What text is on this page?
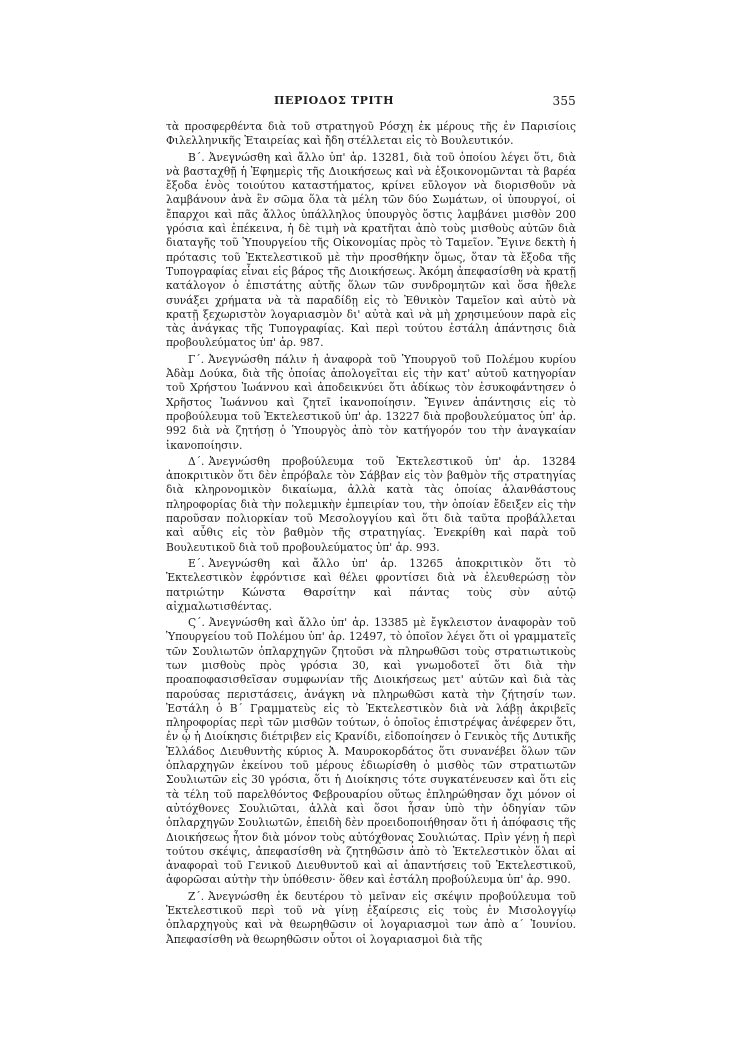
ΠΕΡΙΟΔΟΣ ΤΡΙΤΗ	355

τὰ προσφερθέντα διὰ τοῦ στρατηγοῦ Ρόσχη ἐκ μέρους τῆς ἐν Παρισίοις Φιλελληνικῆς Ἑταιρείας καὶ ἤδη στέλλεται εἰς τὸ Βουλευτικόν.

Β΄. Ἀνεγνώσθη καὶ ἄλλο ὑπ' ἀρ. 13281, διὰ τοῦ ὁποίου λέγει ὅτι, διὰ νὰ βασταχθῇ ἡ Ἐφημερὶς τῆς Διοικήσεως καὶ νὰ ἐξοικονομῶνται τὰ βαρέα ἔξοδα ἑνὸς τοιούτου καταστήματος, κρίνει εὔλογον νὰ διορισθοῦν νὰ λαμβάνουν ἀνὰ ἓν σῶμα ὅλα τὰ μέλη τῶν δύο Σωμάτων, οἱ ὑπουργοί, οἱ ἔπαρχοι καὶ πᾶς ἄλλος ὑπάλληλος ὑπουργὸς ὅστις λαμβάνει μισθὸν 200 γρόσια καὶ ἐπέκεινα, ἡ δὲ τιμὴ νὰ κρατῆται ἀπὸ τοὺς μισθοὺς αὐτῶν διὰ διαταγῆς τοῦ Ὑπουργείου τῆς Οἰκονομίας πρὸς τὸ Ταμεῖον. Ἔγινε δεκτὴ ἡ πρότασις τοῦ Ἐκτελεστικοῦ μὲ τὴν προσθήκην ὅμως, ὅταν τὰ ἔξοδα τῆς Τυπογραφίας εἶναι εἰς βάρος τῆς Διοικήσεως. Ἀκόμη ἀπεφασίσθη νὰ κρατῇ κατάλογον ὁ ἐπιστάτης αὐτῆς ὅλων τῶν συνδρομητῶν καὶ ὅσα ἤθελε συνάξει χρήματα νὰ τὰ παραδίδῃ εἰς τὸ Ἐθνικὸν Ταμεῖον καὶ αὐτὸ νὰ κρατῇ ξεχωριστὸν λογαριασμὸν δι' αὐτὰ καὶ νὰ μὴ χρησιμεύουν παρὰ εἰς τὰς ἀνάγκας τῆς Τυπογραφίας. Καὶ περὶ τούτου ἐστάλη ἀπάντησις διὰ προβουλεύματος ὑπ' ἀρ. 987.

Γ΄. Ἀνεγνώσθη πάλιν ἡ ἀναφορὰ τοῦ Ὑπουργοῦ τοῦ Πολέμου κυρίου Ἀδὰμ Δούκα, διὰ τῆς ὁποίας ἀπολογεῖται εἰς τὴν κατ' αὐτοῦ κατηγορίαν τοῦ Χρήστου Ἰωάννου καὶ ἀποδεικνύει ὅτι ἀδίκως τὸν ἐσυκοφάντησεν ὁ Χρῆστος Ἰωάννου καὶ ζητεῖ ἱκανοποίησιν. Ἔγινεν ἀπάντησις εἰς τὸ προβούλευμα τοῦ Ἐκτελεστικοῦ ὑπ' ἀρ. 13227 διὰ προβουλεύματος ὑπ' ἀρ. 992 διὰ νὰ ζητήσῃ ὁ Ὑπουργὸς ἀπὸ τὸν κατήγορόν του τὴν ἀναγκαίαν ἱκανοποίησιν.

Δ΄. Ἀνεγνώσθη προβούλευμα τοῦ Ἐκτελεστικοῦ ὑπ' ἀρ. 13284 ἀποκριτικὸν ὅτι δὲν ἐπρόβαλε τὸν Σάββαν εἰς τὸν βαθμὸν τῆς στρατηγίας διὰ κληρονομικὸν δικαίωμα, ἀλλὰ κατὰ τὰς ὁποίας ἀλανθάστους πληροφορίας διὰ τὴν πολεμικὴν ἐμπειρίαν του, τὴν ὁποίαν ἔδειξεν εἰς τὴν παροῦσαν πολιορκίαν τοῦ Μεσολογγίου καὶ ὅτι διὰ ταῦτα προβάλλεται καὶ αὖθις εἰς τὸν βαθμὸν τῆς στρατηγίας. Ἐνεκρίθη καὶ παρὰ τοῦ Βουλευτικοῦ διὰ τοῦ προβουλεύματος ὑπ' ἀρ. 993.

Ε΄. Ἀνεγνώσθη καὶ ἄλλο ὑπ' ἀρ. 13265 ἀποκριτικὸν ὅτι τὸ Ἐκτελεστικὸν ἐφρόντισε καὶ θέλει φροντίσει διὰ νὰ ἐλευθερώσῃ τὸν πατριώτην Κώνστα Θαρσίτην καὶ πάντας τοὺς σὺν αὐτῷ αἰχμαλωτισθέντας.

Ϛ΄. Ἀνεγνώσθη καὶ ἄλλο ὑπ' ἀρ. 13385 μὲ ἔγκλειστον ἀναφορὰν τοῦ Ὑπουργείου τοῦ Πολέμου ὑπ' ἀρ. 12497, τὸ ὁποῖον λέγει ὅτι οἱ γραμματεῖς τῶν Σουλιωτῶν ὁπλαρχηγῶν ζητοῦσι νὰ πληρωθῶσι τοὺς στρατιωτικοὺς των μισθοὺς πρὸς γρόσια 30, καὶ γνωμοδοτεῖ ὅτι διὰ τὴν προαποφασισθεῖσαν συμφωνίαν τῆς Διοικήσεως μετ' αὐτῶν καὶ διὰ τὰς παρούσας περιστάσεις, ἀνάγκη νὰ πληρωθῶσι κατὰ τὴν ζήτησίν των. Ἐστάλη ὁ Β΄ Γραμματεὺς εἰς τὸ Ἐκτελεστικὸν διὰ νὰ λάβῃ ἀκριβεῖς πληροφορίας περὶ τῶν μισθῶν τούτων, ὁ ὁποῖος ἐπιστρέψας ἀνέφερεν ὅτι, ἐν ᾧ ἡ Διοίκησις διέτριβεν εἰς Κρανίδι, εἰδοποίησεν ὁ Γενικὸς τῆς Δυτικῆς Ἑλλάδος Διευθυντὴς κύριος Ἀ. Μαυροκορδάτος ὅτι συνανέβει ὅλων τῶν ὁπλαρχηγῶν ἐκείνου τοῦ μέρους ἐδιωρίσθη ὁ μισθὸς τῶν στρατιωτῶν Σουλιωτῶν εἰς 30 γρόσια, ὅτι ἡ Διοίκησις τότε συγκατένευσεν καὶ ὅτι εἰς τὰ τέλη τοῦ παρελθόντος Φεβρουαρίου οὕτως ἐπληρώθησαν ὄχι μόνον οἱ αὐτόχθονες Σουλιῶται, ἀλλὰ καὶ ὅσοι ἦσαν ὑπὸ τὴν ὁδηγίαν τῶν ὁπλαρχηγῶν Σουλιωτῶν, ἐπειδὴ δὲν προειδοποιήθησαν ὅτι ἡ ἀπόφασις τῆς Διοικήσεως ἦτον διὰ μόνον τοὺς αὐτόχθονας Σουλιώτας. Πρὶν γένῃ ἡ περὶ τούτου σκέψις, ἀπεφασίσθη νὰ ζητηθῶσιν ἀπὸ τὸ Ἐκτελεστικὸν ὅλαι αἱ ἀναφοραὶ τοῦ Γενικοῦ Διευθυντοῦ καὶ αἱ ἀπαντήσεις τοῦ Ἐκτελεστικοῦ, ἀφορῶσαι αὐτὴν τὴν ὑπόθεσιν· ὅθεν καὶ ἐστάλη προβούλευμα ὑπ' ἀρ. 990.

Ζ΄. Ἀνεγνώσθη ἐκ δευτέρου τὸ μεῖναν εἰς σκέψιν προβούλευμα τοῦ Ἐκτελεστικοῦ περὶ τοῦ νὰ γίνῃ ἐξαίρεσις εἰς τοὺς ἐν Μισολογγίῳ ὁπλαρχηγοὺς καὶ νὰ θεωρηθῶσιν οἱ λογαριασμοὶ των ἀπὸ α΄ Ἰουνίου. Ἀπεφασίσθη νὰ θεωρηθῶσιν οὗτοι οἱ λογαριασμοὶ διὰ τῆς
